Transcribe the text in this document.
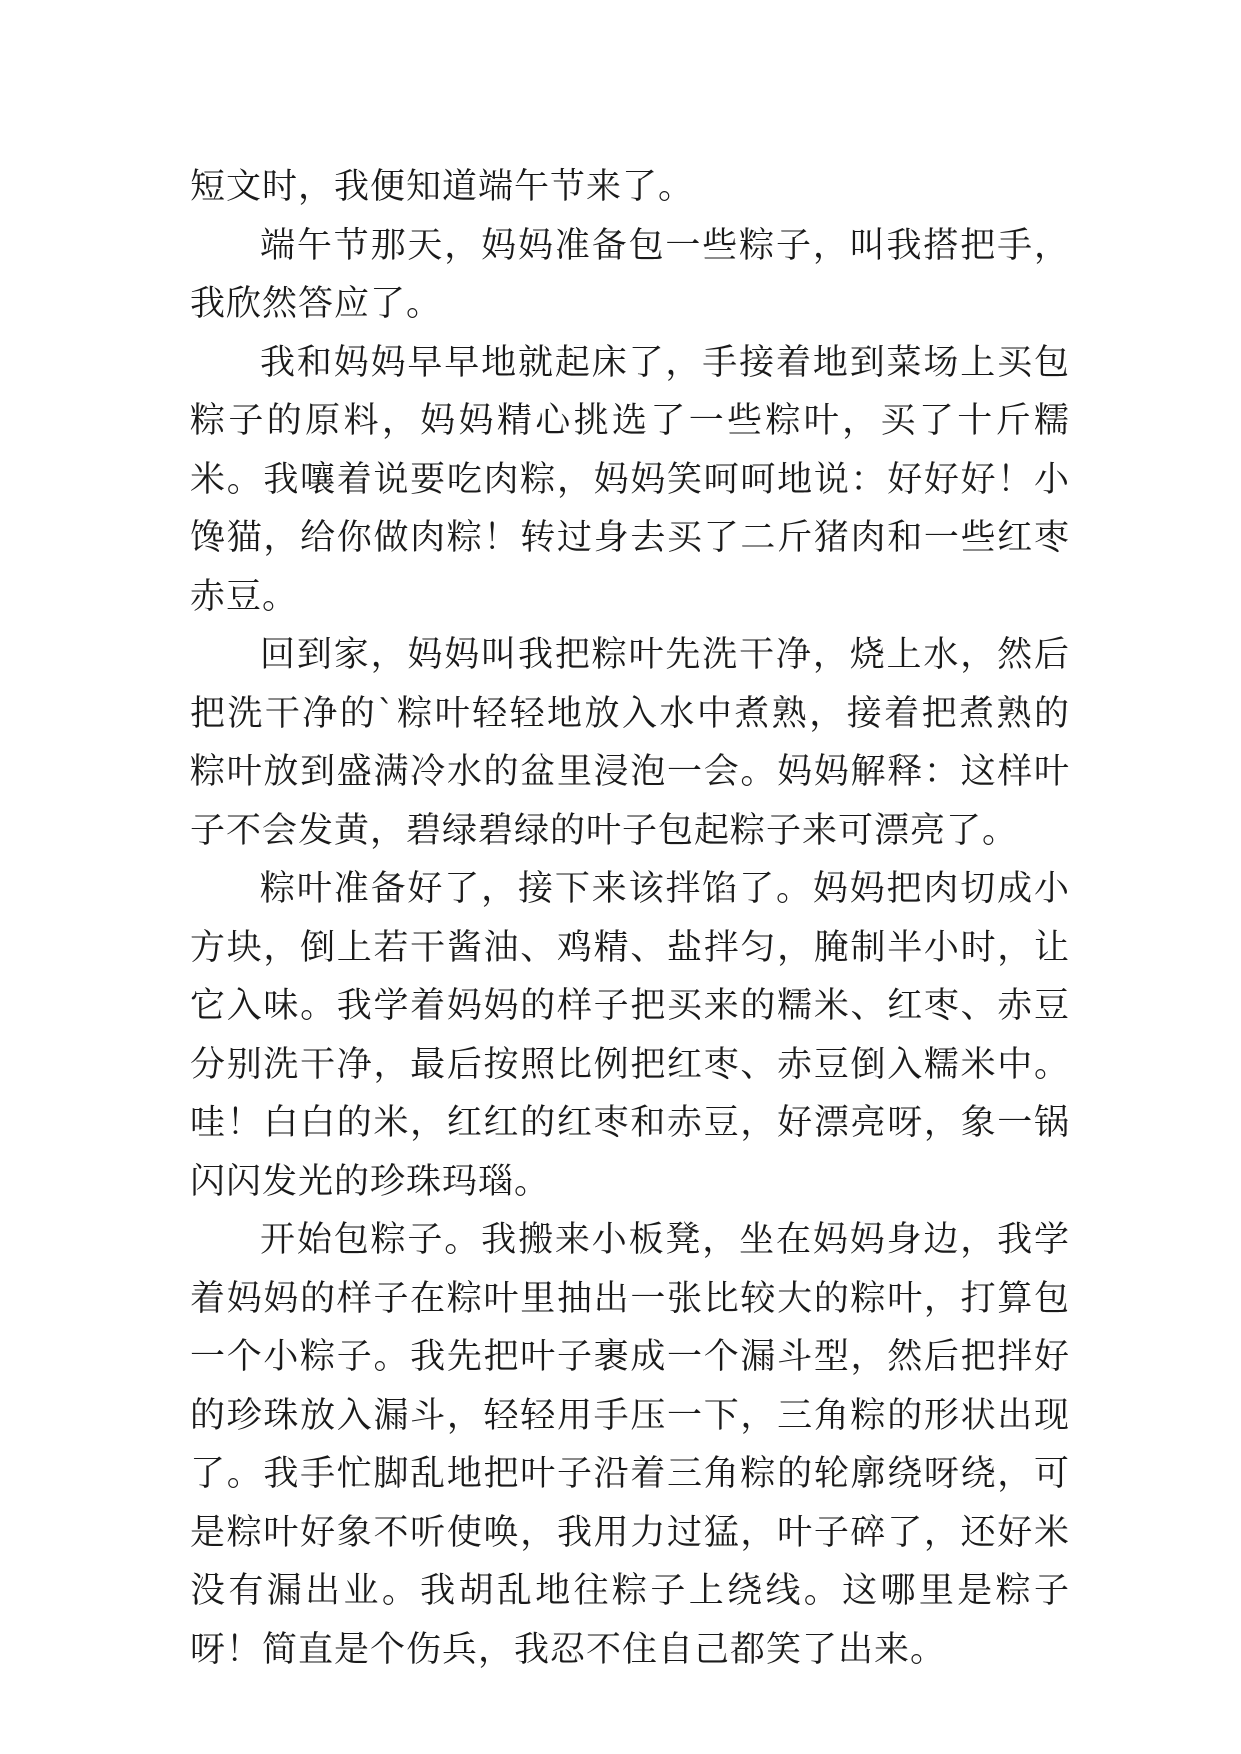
短文时，我便知道端午节来了。

端午节那天，妈妈准备包一些粽子，叫我搭把手，我欣然答应了。

我和妈妈早早地就起床了，手接着地到菜场上买包粽子的原料，妈妈精心挑选了一些粽叶，买了十斤糯米。我嚷着说要吃肉粽，妈妈笑呵呵地说：好好好！小馋猫，给你做肉粽！转过身去买了二斤猪肉和一些红枣赤豆。

回到家，妈妈叫我把粽叶先洗干净，烧上水，然后把洗干净的`粽叶轻轻地放入水中煮熟，接着把煮熟的粽叶放到盛满冷水的盆里浸泡一会。妈妈解释：这样叶子不会发黄，碧绿碧绿的叶子包起粽子来可漂亮了。

粽叶准备好了，接下来该拌馅了。妈妈把肉切成小方块，倒上若干酱油、鸡精、盐拌匀，腌制半小时，让它入味。我学着妈妈的样子把买来的糯米、红枣、赤豆分别洗干净，最后按照比例把红枣、赤豆倒入糯米中。哇！白白的米，红红的红枣和赤豆，好漂亮呀，象一锅闪闪发光的珍珠玛瑙。

开始包粽子。我搬来小板凳，坐在妈妈身边，我学着妈妈的样子在粽叶里抽出一张比较大的粽叶，打算包一个小粽子。我先把叶子裹成一个漏斗型，然后把拌好的珍珠放入漏斗，轻轻用手压一下，三角粽的形状出现了。我手忙脚乱地把叶子沿着三角粽的轮廓绕呀绕，可是粽叶好象不听使唤，我用力过猛，叶子碎了，还好米没有漏出业。我胡乱地往粽子上绕线。这哪里是粽子呀！简直是个伤兵，我忍不住自己都笑了出来。
